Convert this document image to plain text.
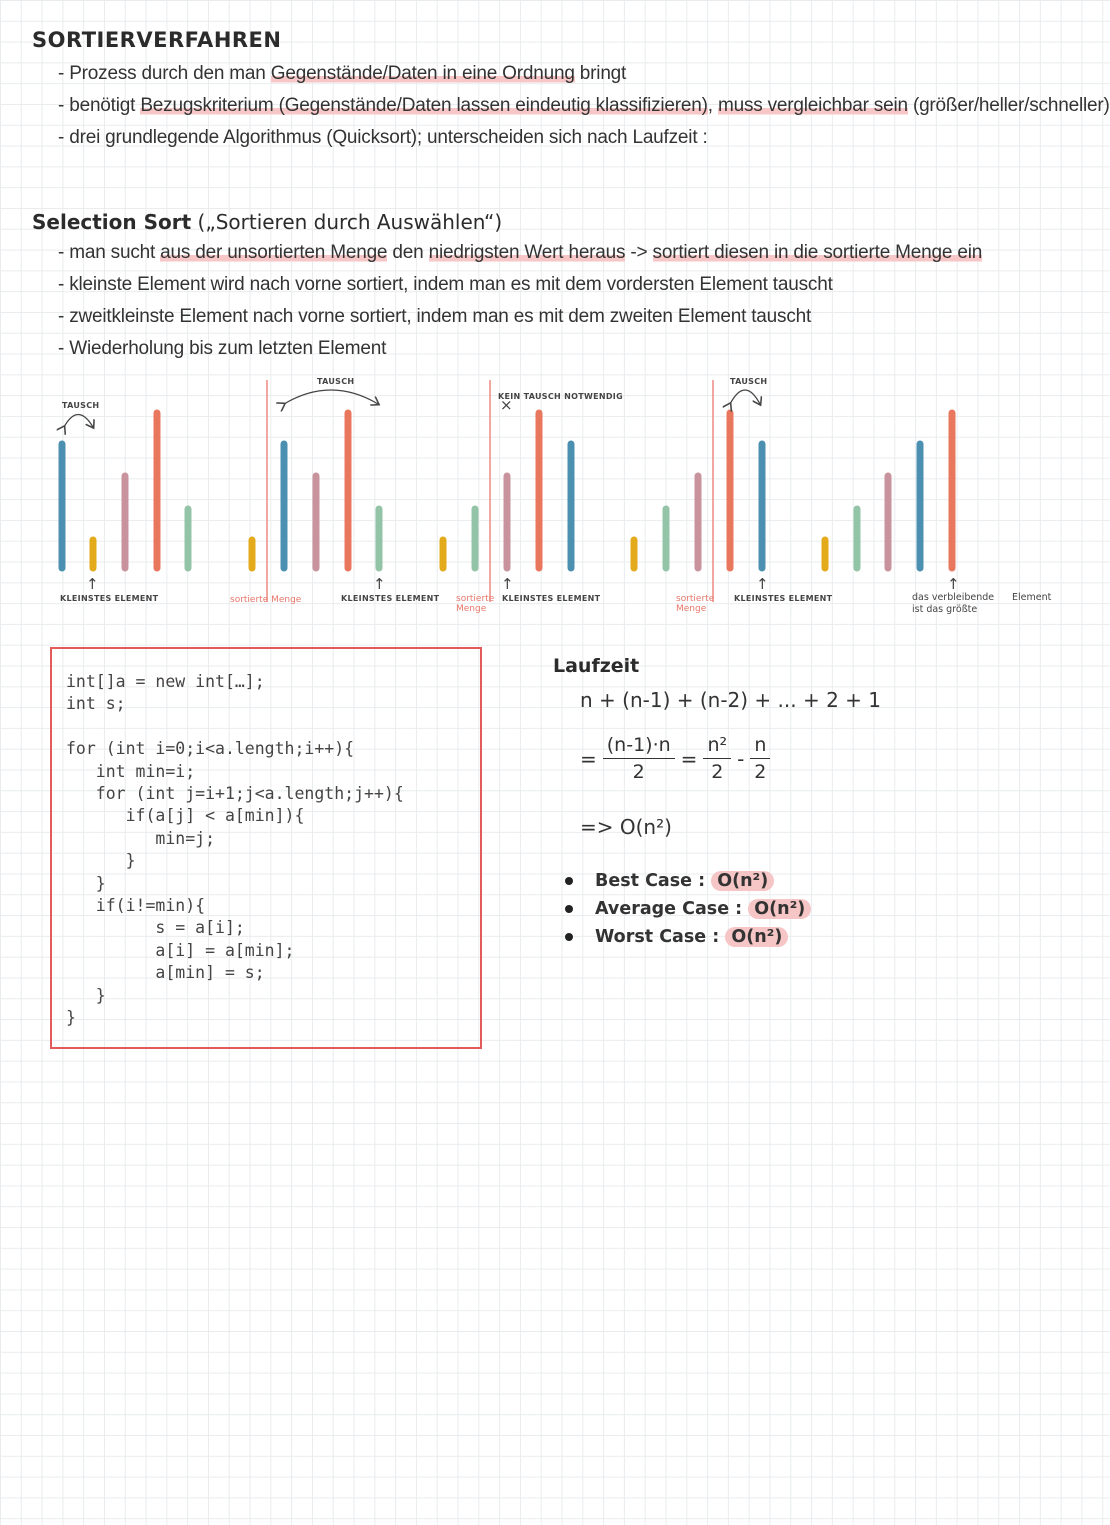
SORTIERVERFAHREN
- Prozess durch den man Gegenstände/Daten in eine Ordnung bringt
- benötigt Bezugskriterium (Gegenstände/Daten lassen eindeutig klassifizieren), muss vergleichbar sein (größer/heller/schneller)
- drei grundlegende Algorithmus (Quicksort); unterscheiden sich nach Laufzeit :
Selection Sort („Sortieren durch Auswählen“)
- man sucht aus der unsortierten Menge den niedrigsten Wert heraus -> sortiert diesen in die sortierte Menge ein
- kleinste Element wird nach vorne sortiert, indem man es mit dem vordersten Element tauscht
- zweitkleinste Element nach vorne sortiert, indem man es mit dem zweiten Element tauscht
- Wiederholung bis zum letzten Element
TAUSCH
TAUSCH
KEIN TAUSCH NOTWENDIG
×
TAUSCH
↑
KLEINSTES ELEMENT	sortierte Menge
↑
KLEINSTES ELEMENT sortierte
Menge
↑
KLEINSTES ELEMENT	sortierte
Menge
↑
KLEINSTES ELEMENT
↑
das verbleibende Element
ist das größte
int[]a = new int[…];
int s;

for (int i=0;i<a.length;i++){
int min=i;
for (int j=i+1;j<a.length;j++){
if(a[j] < a[min]){
min=j;
}
}
if(i!=min){
s = a[i];
a[i] = a[min];
a[min] = s;
}
}
Laufzeit
n + (n-1) + (n-2) + ... + 2 + 1
= $\frac{(n-1)\cdot n}{2} = \frac{\text{n²}}{2} - \frac{n}{2}$
=> O(n²)
Best Case : O(n²)
Average Case : O(n²)
Worst Case : O(n²)
